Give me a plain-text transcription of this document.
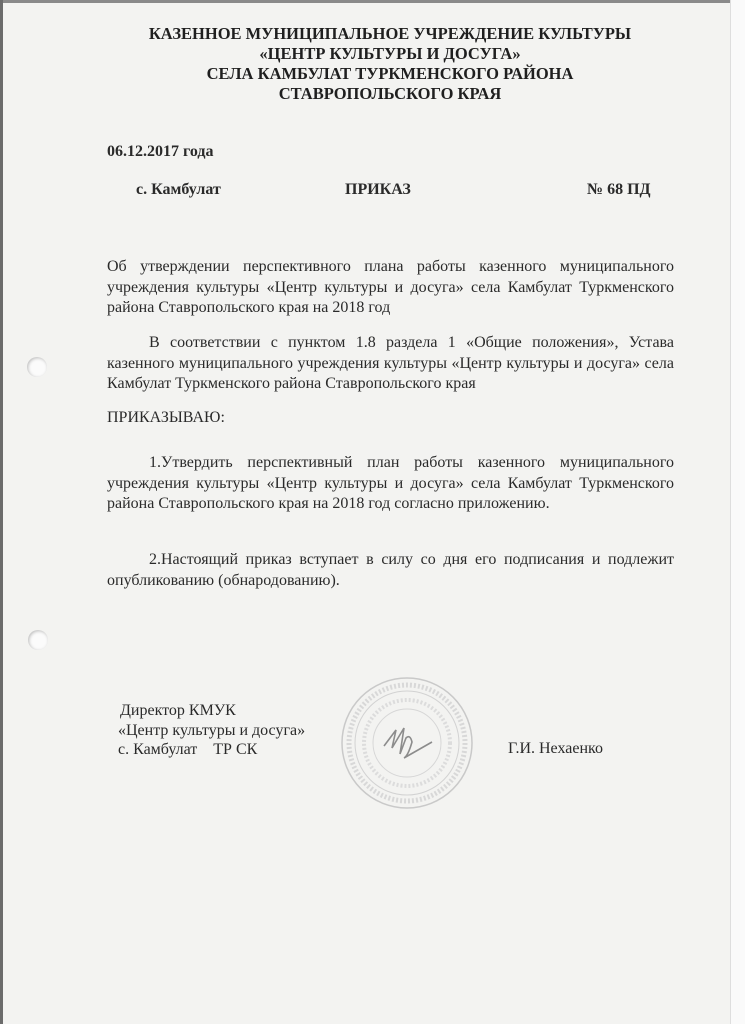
КАЗЕННОЕ МУНИЦИПАЛЬНОЕ УЧРЕЖДЕНИЕ КУЛЬТУРЫ
«ЦЕНТР КУЛЬТУРЫ И ДОСУГА»
СЕЛА КАМБУЛАТ ТУРКМЕНСКОГО РАЙОНА
СТАВРОПОЛЬСКОГО КРАЯ
06.12.2017 года
с. Камбулат	ПРИКАЗ	№ 68 ПД
Об утверждении перспективного плана работы казенного муниципального учреждения культуры «Центр культуры и досуга» села Камбулат Туркменского района Ставропольского края на 2018 год
В соответствии с пунктом 1.8 раздела 1 «Общие положения», Устава казенного муниципального учреждения культуры «Центр культуры и досуга» села Камбулат Туркменского района Ставропольского края
ПРИКАЗЫВАЮ:
1.Утвердить перспективный план работы казенного муниципального учреждения культуры «Центр культуры и досуга» села Камбулат Туркменского района Ставропольского края на 2018 год согласно приложению.
2.Настоящий приказ вступает в силу со дня его подписания и подлежит опубликованию (обнародованию).
Директор КМУК
«Центр культуры и досуга»
с. Камбулат    ТР СК	Г.И. Нехаенко
